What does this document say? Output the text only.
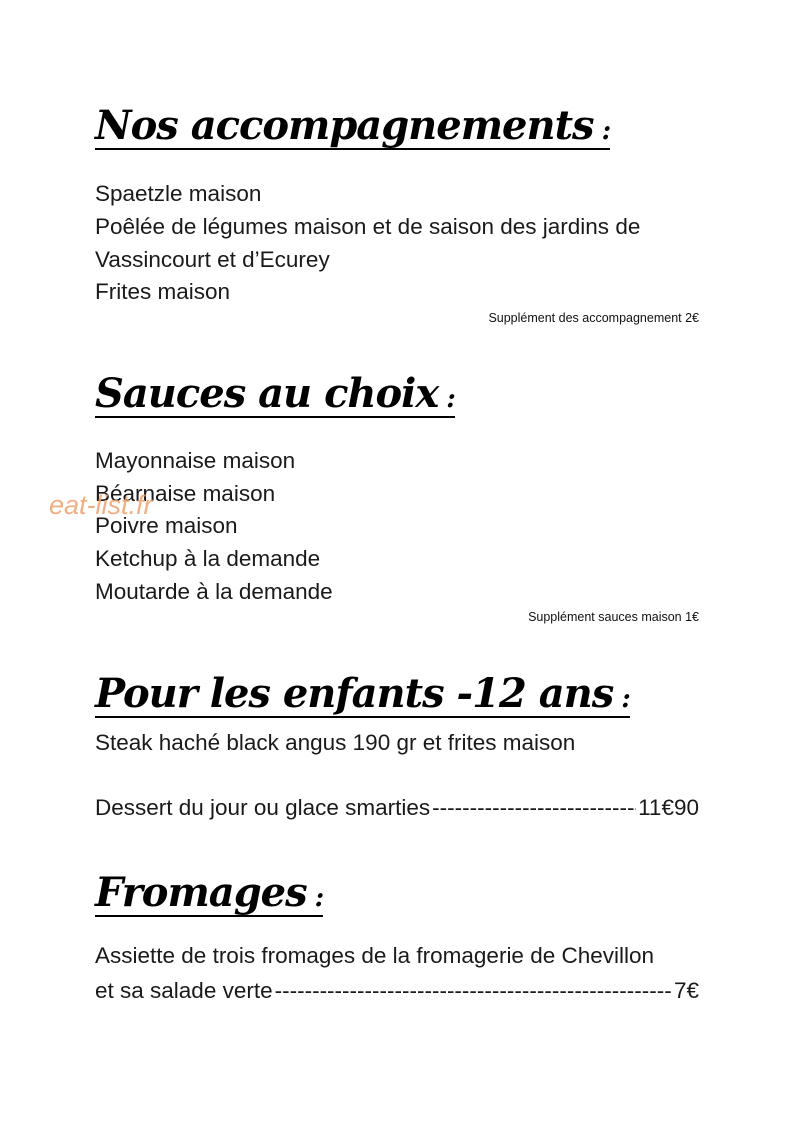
Nos accompagnements :
Spaetzle maison
Poêlée de légumes maison et de saison des jardins de
Vassincourt et d’Ecurey
Frites maison
Supplément des accompagnement 2€
Sauces au choix :
Mayonnaise maison
Béarnaise maison
Poivre maison
Ketchup à la demande
Moutarde à la demande
Supplément sauces maison 1€
Pour les enfants -12 ans :
Steak haché black angus 190 gr et frites maison
Dessert du jour ou glace smarties -----	11€90
Fromages :
Assiette de trois fromages de la fromagerie de Chevillon
et sa salade verte -----	7€
eat-list.fr
